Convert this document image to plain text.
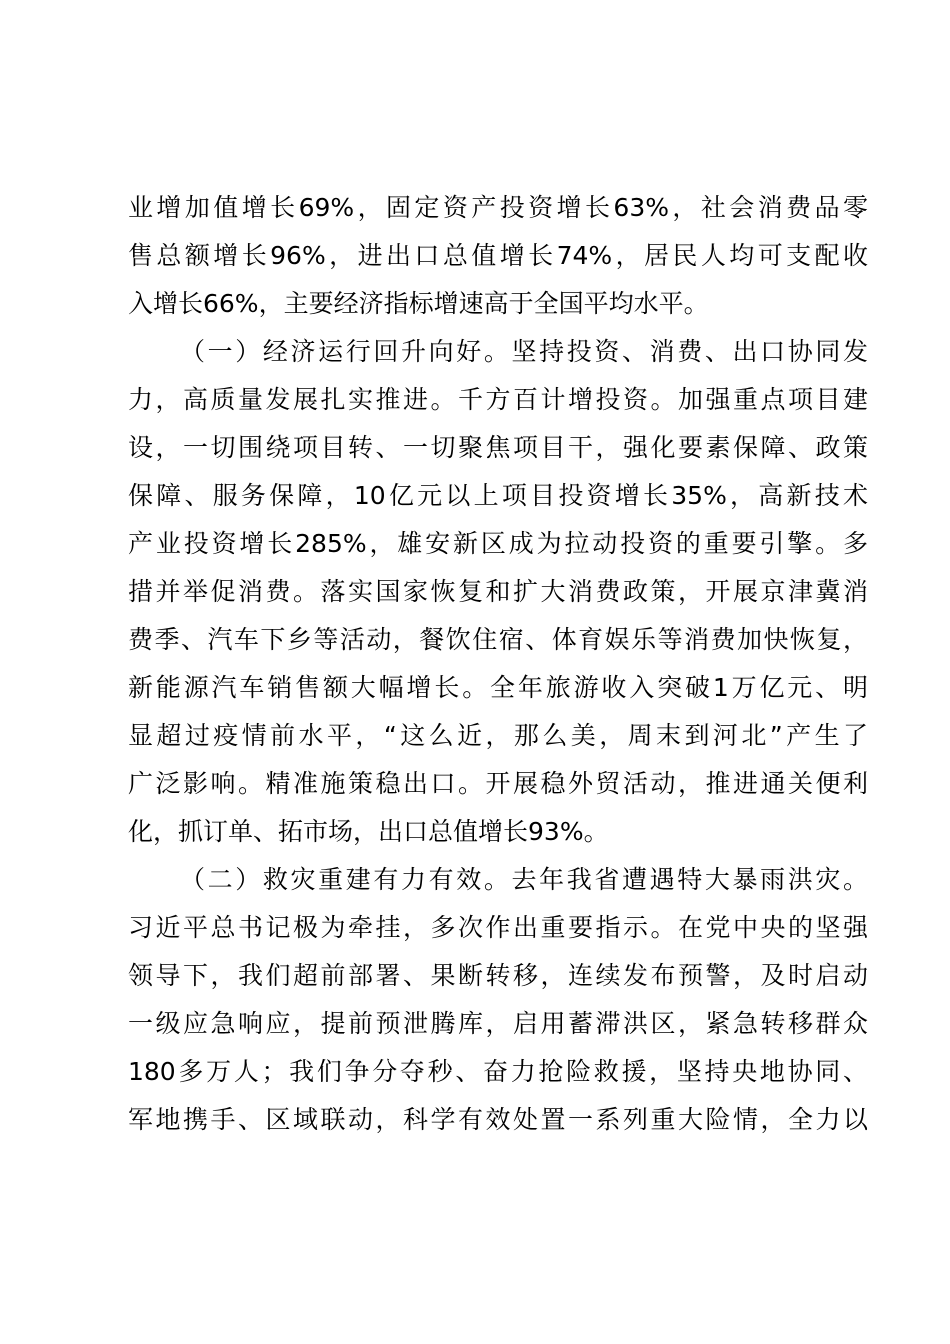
业增加值增长69%，固定资产投资增长63%，社会消费品零
售总额增长96%，进出口总值增长74%，居民人均可支配收
入增长66%，主要经济指标增速高于全国平均水平。
（一）经济运行回升向好。坚持投资、消费、出口协同发
力，高质量发展扎实推进。千方百计增投资。加强重点项目建
设，一切围绕项目转、一切聚焦项目干，强化要素保障、政策
保障、服务保障，10亿元以上项目投资增长35%，高新技术
产业投资增长285%，雄安新区成为拉动投资的重要引擎。多
措并举促消费。落实国家恢复和扩大消费政策，开展京津冀消
费季、汽车下乡等活动，餐饮住宿、体育娱乐等消费加快恢复，
新能源汽车销售额大幅增长。全年旅游收入突破1万亿元、明
显超过疫情前水平，“这么近，那么美，周末到河北”产生了
广泛影响。精准施策稳出口。开展稳外贸活动，推进通关便利
化，抓订单、拓市场，出口总值增长93%。
（二）救灾重建有力有效。去年我省遭遇特大暴雨洪灾。
习近平总书记极为牵挂，多次作出重要指示。在党中央的坚强
领导下，我们超前部署、果断转移，连续发布预警，及时启动
一级应急响应，提前预泄腾库，启用蓄滞洪区，紧急转移群众
180多万人；我们争分夺秒、奋力抢险救援，坚持央地协同、
军地携手、区域联动，科学有效处置一系列重大险情，全力以
